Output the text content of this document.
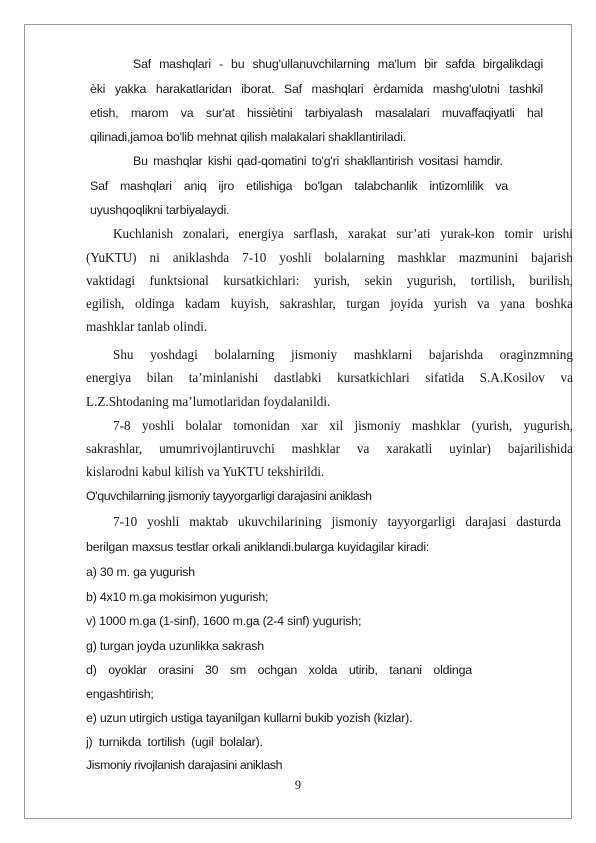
Saf mashqlari - bu shug'ullanuvchilarning ma'lum bir safda birgalikdagi
ѐki yakka harakatlaridan iborat. Saf mashqlari ѐrdamida mashg'ulotni tashkil
etish, marom va sur'at hissiѐtini tarbiyalash masalalari muvaffaqiyatli hal
qilinadi,jamoa bo'lib mehnat qilish malakalari shakllantiriladi.
Bu mashqlar kishi qad-qomatini to'g'ri shakllantirish vositasi hamdir.
Saf mashqlari aniq ijro etilishiga bo'lgan talabchanlik intizomlilik va
uyushqoqlikni tarbiyalaydi.
Kuchlanish zonalari, energiya sarflash, xarakat sur’ati yurak-kon tomir urishi
(YuKTU) ni aniklashda 7-10 yoshli bolalarning mashklar mazmunini bajarish
vaktidagi funktsional kursatkichlari: yurish, sekin yugurish, tortilish, burilish,
egilish, oldinga kadam kuyish, sakrashlar, turgan joyida yurish va yana boshka
mashklar tanlab olindi.
Shu yoshdagi bolalarning jismoniy mashklarni bajarishda oraginzmning
energiya bilan ta’minlanishi dastlabki kursatkichlari sifatida S.A.Kosilov va
L.Z.Shtodaning ma’lumotlaridan foydalanildi.
7-8 yoshli bolalar tomonidan xar xil jismoniy mashklar (yurish, yugurish,
sakrashlar, umumrivojlantiruvchi mashklar va xarakatli uyinlar) bajarilishida
kislarodni kabul kilish va YuKTU tekshirildi.
O'quvchilarning jismoniy tayyorgarligi darajasini aniklash
7-10 yoshli maktab ukuvchilarining jismoniy tayyorgarligi darajasi dasturda
berilgan maxsus testlar orkali aniklandi.bularga kuyidagilar kiradi:
a) 30 m. ga yugurish
b) 4x10 m.ga mokisimon yugurish;
v) 1000 m.ga (1-sinf), 1600 m.ga (2-4 sinf) yugurish;
g) turgan joyda uzunlikka sakrash
d) oyoklar orasini 30 sm ochgan xolda utirib, tanani oldinga
engashtirish;
e) uzun utirgich ustiga tayanilgan kullarni bukib yozish (kizlar).
j) turnikda tortilish (ugil bolalar).
Jismoniy rivojlanish darajasini aniklash
9
